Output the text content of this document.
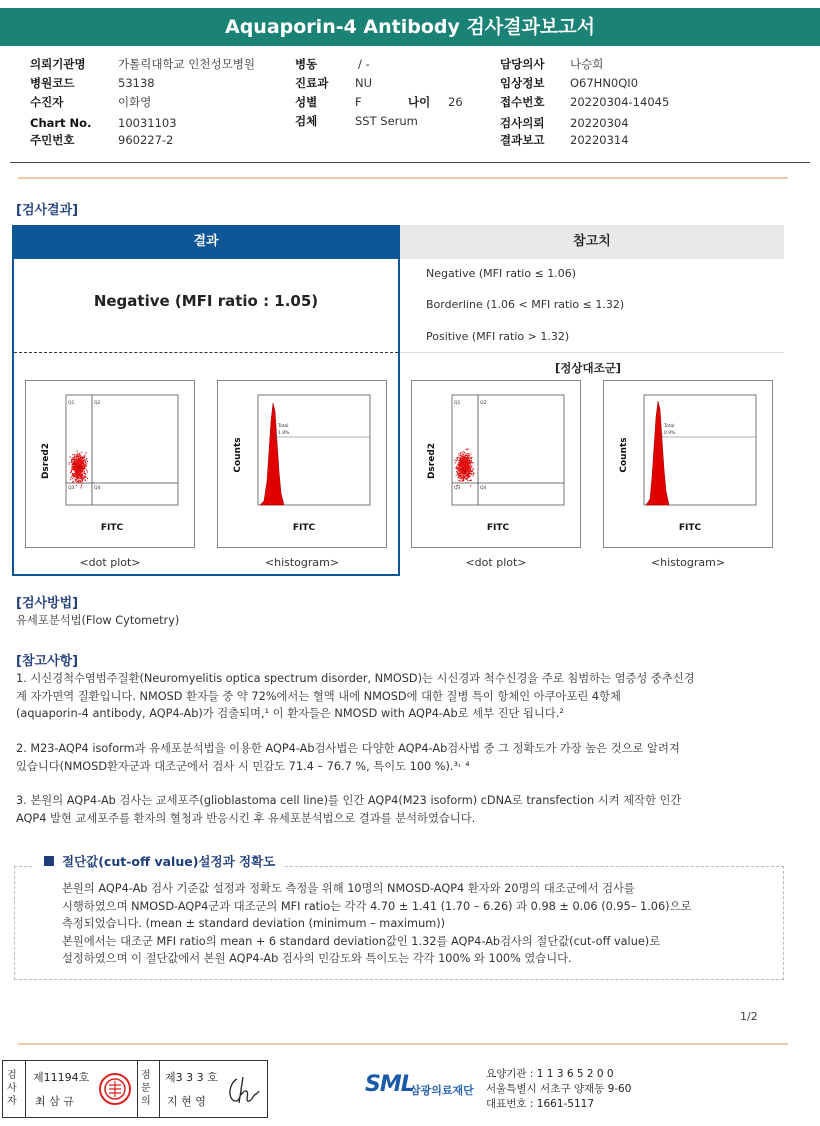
Aquaporin-4 Antibody 검사결과보고서
의뢰기관명	가톨릭대학교 인천성모병원
병원코드	53138
수진자	이화영
Chart No. 10031103
주민번호	960227-2
병동	/ -
진료과 NU
성별	F	나이 26
검체	SST Serum
담당의사 나승희
임상정보 O67HN0QI0
접수번호 20220304-14045
검사의뢰 20220304
결과보고 20220314
[검사결과]
참고치
결과
Negative (MFI ratio : 1.05)
Negative (MFI ratio ≤ 1.06)
Borderline (1.06 < MFI ratio ≤ 1.32)
Positive (MFI ratio > 1.32)
[정상대조군]
Q1	Q2
Q3	Q4
Dsred2
FITC
<dot plot>
Total
1.8%
Counts
FITC
<histogram>
Q1	Q2
Q3	Q4
Dsred2
FITC
<dot plot>
Total
0.9%
Counts
FITC
<histogram>
[검사방법]
유세포분석법(Flow Cytometry)
[참고사항]
1. 시신경척수염범주질환(Neuromyelitis optica spectrum disorder, NMOSD)는 시신경과 척수신경을 주로 침범하는 염증성 중추신경
계 자가면역 질환입니다. NMOSD 환자들 중 약 72%에서는 혈액 내에 NMOSD에 대한 질병 특이 항체인 아쿠아포린 4항체
(aquaporin-4 antibody, AQP4-Ab)가 검출되며,¹ 이 환자들은 NMOSD with AQP4-Ab로 세부 진단 됩니다.²
2. M23-AQP4 isoform과 유세포분석법을 이용한 AQP4-Ab검사법은 다양한 AQP4-Ab검사법 중 그 정확도가 가장 높은 것으로 알려져
있습니다(NMOSD환자군과 대조군에서 검사 시 민감도 71.4 – 76.7 %, 특이도 100 %).³˒ ⁴
3. 본원의 AQP4-Ab 검사는 교세포주(glioblastoma cell line)를 인간 AQP4(M23 isoform) cDNA로 transfection 시켜 제작한 인간
AQP4 발현 교세포주를 환자의 혈청과 반응시킨 후 유세포분석법으로 결과를 분석하였습니다.
절단값(cut-off value)설정과 정확도
본원의 AQP4-Ab 검사 기준값 설정과 정확도 측정을 위해 10명의 NMOSD-AQP4 환자와 20명의 대조군에서 검사를
시행하였으며 NMOSD-AQP4군과 대조군의 MFI ratio는 각각 4.70 ± 1.41 (1.70 – 6.26) 과 0.98 ± 0.06 (0.95– 1.06)으로
측정되었습니다. (mean ± standard deviation (minimum – maximum))
본원에서는 대조군 MFI ratio의 mean + 6 standard deviation값인 1.32를 AQP4-Ab검사의 절단값(cut-off value)로
설정하였으며 이 절단값에서 본원 AQP4-Ab 검사의 민감도와 특이도는 각각 100% 와 100% 였습니다.
1/2
검사자
제11194호
최 삼 규
점문의
제3 3 3 호
지 현 영
SML
삼광의료재단
요양기관 : 1 1 3 6 5 2 0 0
서울특별시 서초구 양재동 9-60
대표번호 : 1661-5117
